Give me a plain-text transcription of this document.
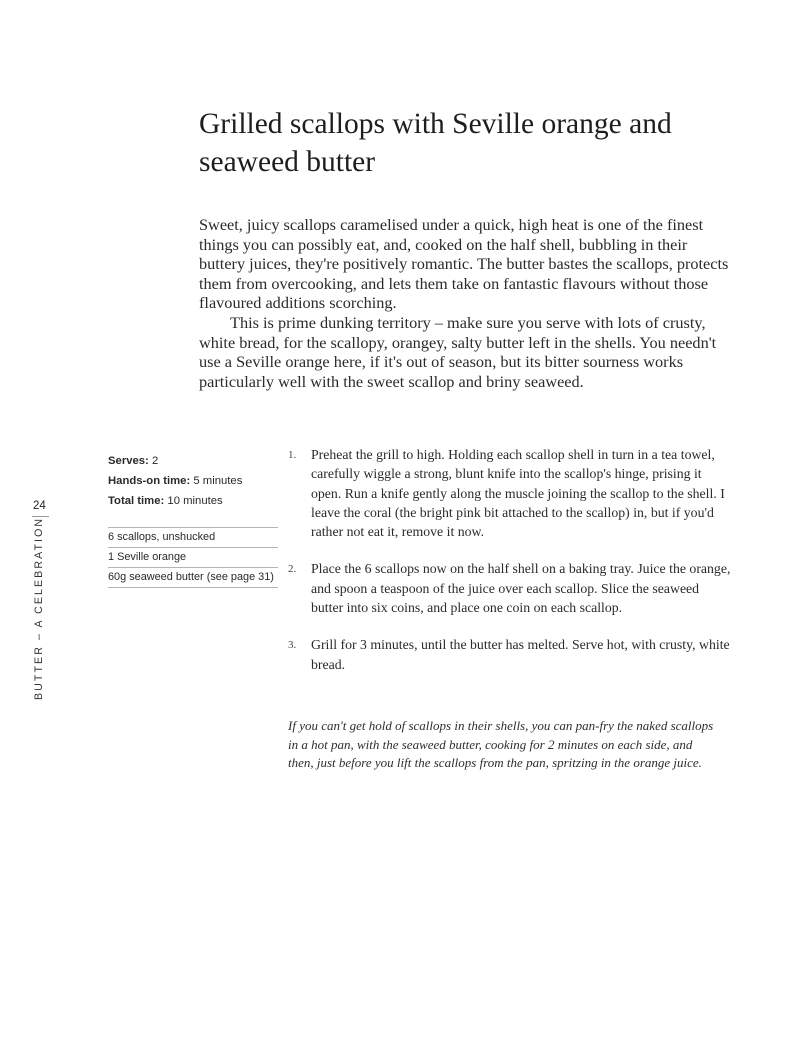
Grilled scallops with Seville orange and seaweed butter

Sweet, juicy scallops caramelised under a quick, high heat is one of the finest things you can possibly eat, and, cooked on the half shell, bubbling in their buttery juices, they're positively romantic. The butter bastes the scallops, protects them from overcooking, and lets them take on fantastic flavours without those flavoured additions scorching.

This is prime dunking territory – make sure you serve with lots of crusty, white bread, for the scallopy, orangey, salty butter left in the shells. You needn't use a Seville orange here, if it's out of season, but its bitter sourness works particularly well with the sweet scallop and briny seaweed.

24
BUTTER – A CELEBRATION
Serves: 2
Hands-on time: 5 minutes
Total time: 10 minutes
6 scallops, unshucked
1 Seville orange
60g seaweed butter (see page 31)
1.	Preheat the grill to high. Holding each scallop shell in turn in a tea towel, carefully wiggle a strong, blunt knife into the scallop's hinge, prising it open. Run a knife gently along the muscle joining the scallop to the shell. I leave the coral (the bright pink bit attached to the scallop) in, but if you'd rather not eat it, remove it now.
2.	Place the 6 scallops now on the half shell on a baking tray. Juice the orange, and spoon a teaspoon of the juice over each scallop. Slice the seaweed butter into six coins, and place one coin on each scallop.
3.	Grill for 3 minutes, until the butter has melted. Serve hot, with crusty, white bread.
If you can't get hold of scallops in their shells, you can pan-fry the naked scallops in a hot pan, with the seaweed butter, cooking for 2 minutes on each side, and then, just before you lift the scallops from the pan, spritzing in the orange juice.
